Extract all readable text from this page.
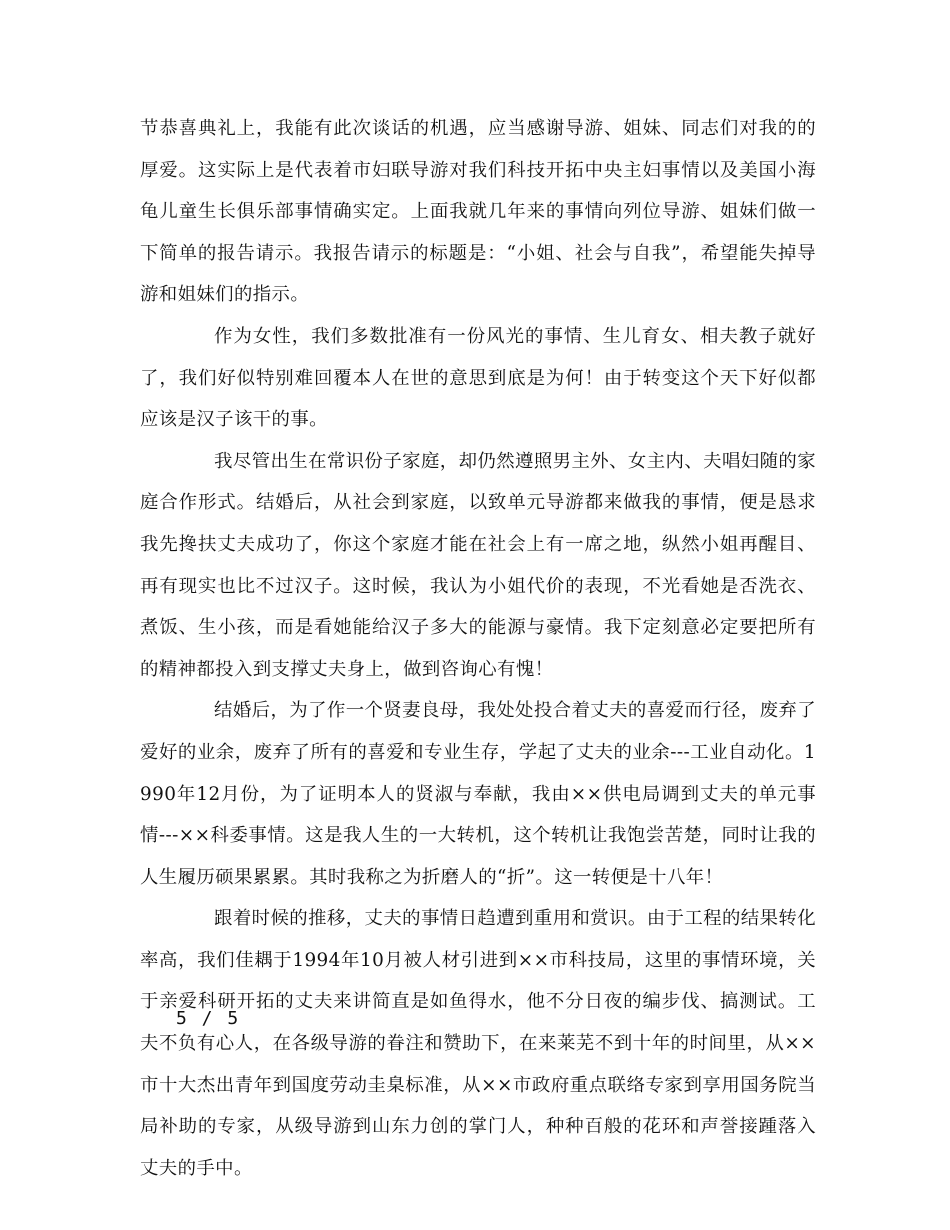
节恭喜典礼上，我能有此次谈话的机遇，应当感谢导游、姐妹、同志们对我的的厚爱。这实际上是代表着市妇联导游对我们科技开拓中央主妇事情以及美国小海龟儿童生长俱乐部事情确实定。上面我就几年来的事情向列位导游、姐妹们做一下简单的报告请示。我报告请示的标题是：“小姐、社会与自我”，希望能失掉导游和姐妹们的指示。

作为女性，我们多数批准有一份风光的事情、生儿育女、相夫教子就好了，我们好似特别难回覆本人在世的意思到底是为何！由于转变这个天下好似都应该是汉子该干的事。

我尽管出生在常识份子家庭，却仍然遵照男主外、女主内、夫唱妇随的家庭合作形式。结婚后，从社会到家庭，以致单元导游都来做我的事情，便是恳求我先搀扶丈夫成功了，你这个家庭才能在社会上有一席之地，纵然小姐再醒目、再有现实也比不过汉子。这时候，我认为小姐代价的表现，不光看她是否洗衣、煮饭、生小孩，而是看她能给汉子多大的能源与豪情。我下定刻意必定要把所有的精神都投入到支撑丈夫身上，做到咨询心有愧！

结婚后，为了作一个贤妻良母，我处处投合着丈夫的喜爱而行径，废弃了爱好的业余，废弃了所有的喜爱和专业生存，学起了丈夫的业余---工业自动化。1990年12月份，为了证明本人的贤淑与奉献，我由××供电局调到丈夫的单元事情---××科委事情。这是我人生的一大转机，这个转机让我饱尝苦楚，同时让我的人生履历硕果累累。其时我称之为折磨人的“折”。这一转便是十八年！

跟着时候的推移，丈夫的事情日趋遭到重用和赏识。由于工程的结果转化率高，我们佳耦于1994年10月被人材引进到××市科技局，这里的事情环境，关于亲爱科研开拓的丈夫来讲简直是如鱼得水，他不分日夜的编步伐、搞测试。工夫不负有心人，在各级导游的眷注和赞助下，在来莱芜不到十年的时间里，从××市十大杰出青年到国度劳动圭臬标准，从××市政府重点联络专家到享用国务院当局补助的专家，从级导游到山东力创的掌门人，种种百般的花环和声誉接踵落入丈夫的手中。

5 / 5
